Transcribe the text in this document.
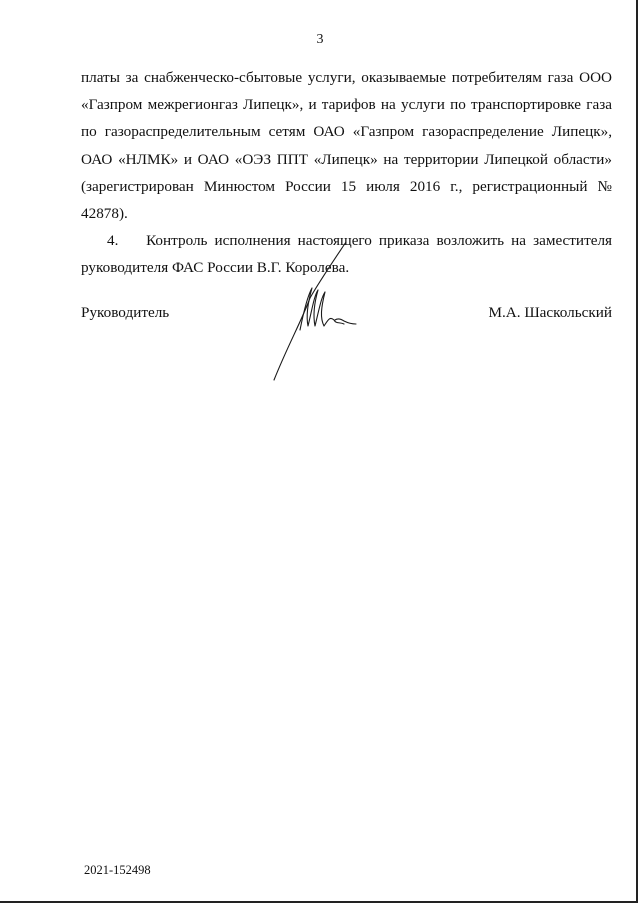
3

платы за снабженческо-сбытовые услуги, оказываемые потребителям газа ООО «Газпром межрегионгаз Липецк», и тарифов на услуги по транспортировке газа по газораспределительным сетям ОАО «Газпром газораспределение Липецк», ОАО «НЛМК» и ОАО «ОЭЗ ППТ «Липецк» на территории Липецкой области» (зарегистрирован Минюстом России 15 июля 2016 г., регистрационный № 42878).

4. Контроль исполнения настоящего приказа возложить на заместителя руководителя ФАС России В.Г. Королева.

Руководитель	М.А. Шаскольский
2021-152498
